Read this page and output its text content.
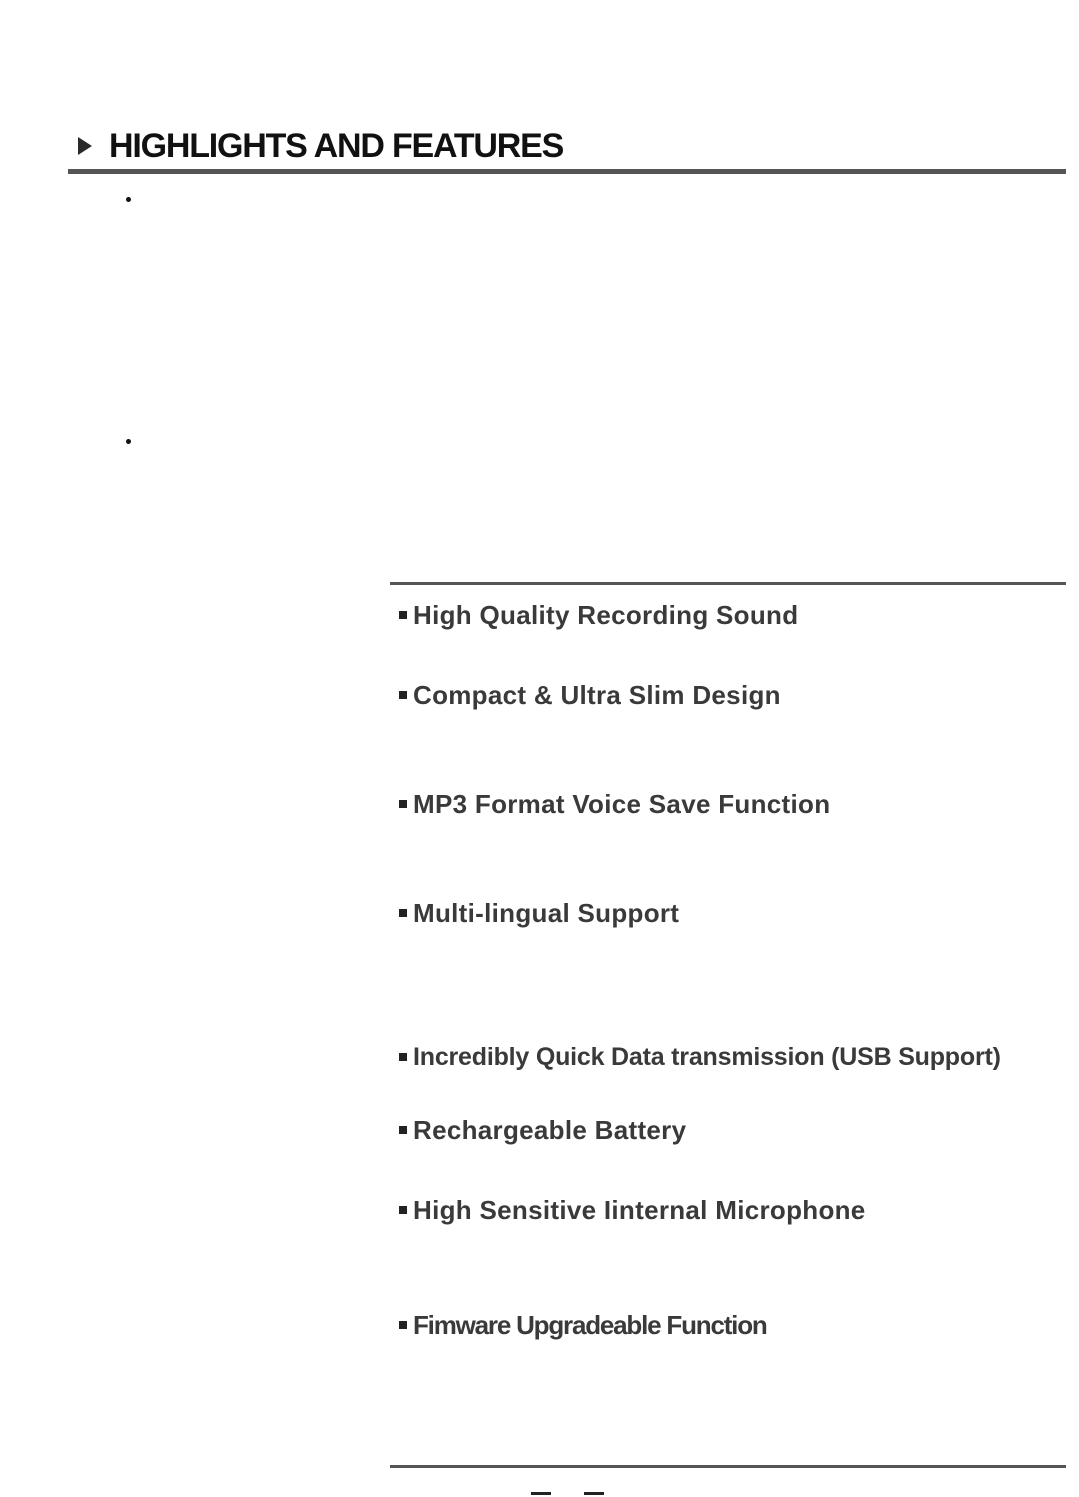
HIGHLIGHTS AND FEATURES
High Quality Recording Sound
Compact & Ultra Slim Design
MP3 Format Voice Save Function
Multi-lingual Support
Incredibly Quick Data transmission (USB Support)
Rechargeable Battery
High Sensitive Iinternal Microphone
Fimware Upgradeable Function
